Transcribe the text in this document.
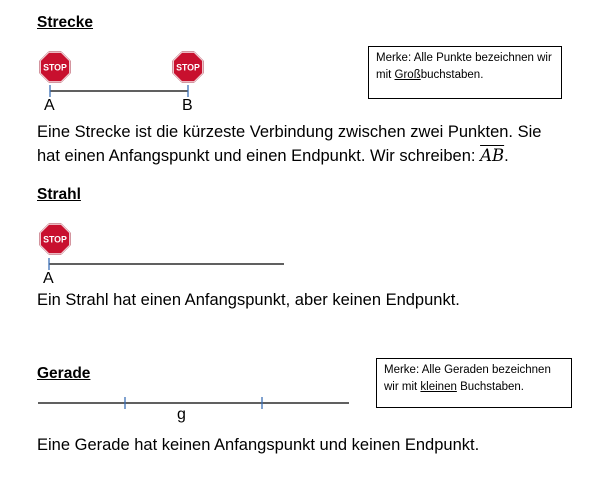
Strecke
STOP	STOP
A	B
Merke: Alle Punkte bezeichnen wir
mit Großbuchstaben.
Eine Strecke ist die kürzeste Verbindung zwischen zwei Punkten. Sie
hat einen Anfangspunkt und einen Endpunkt. Wir schreiben: $\overline{AB}$.
Strahl
STOP
A
Ein Strahl hat einen Anfangspunkt, aber keinen Endpunkt.
Gerade	Merke: Alle Geraden bezeichnen
wir mit kleinen Buchstaben.
g
Eine Gerade hat keinen Anfangspunkt und keinen Endpunkt.
